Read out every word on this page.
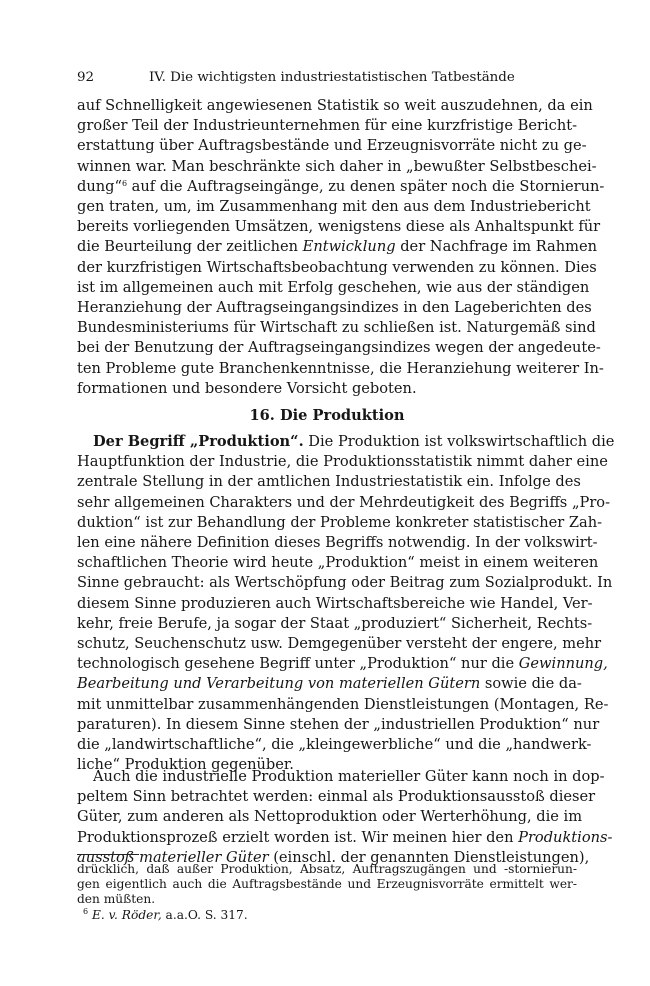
92	IV. Die wichtigsten industriestatistischen Tatbestände
auf Schnelligkeit angewiesenen Statistik so weit auszudehnen, da ein
großer Teil der Industrieunternehmen für eine kurzfristige Bericht-
erstattung über Auftragsbestände und Erzeugnisvorräte nicht zu ge-
winnen war. Man beschränkte sich daher in „bewußter Selbstbeschei-
dung“$^6$ auf die Auftragseingänge, zu denen später noch die Stornierun-
gen traten, um, im Zusammenhang mit den aus dem Industriebericht
bereits vorliegenden Umsätzen, wenigstens diese als Anhaltspunkt für
die Beurteilung der zeitlichen Entwicklung der Nachfrage im Rahmen
der kurzfristigen Wirtschaftsbeobachtung verwenden zu können. Dies
ist im allgemeinen auch mit Erfolg geschehen, wie aus der ständigen
Heranziehung der Auftragseingangsindizes in den Lageberichten des
Bundesministeriums für Wirtschaft zu schließen ist. Naturgemäß sind
bei der Benutzung der Auftragseingangsindizes wegen der angedeute-
ten Probleme gute Branchenkenntnisse, die Heranziehung weiterer In-
formationen und besondere Vorsicht geboten.
16. Die Produktion
Der Begriff „Produktion“. Die Produktion ist volkswirtschaftlich die
Hauptfunktion der Industrie, die Produktionsstatistik nimmt daher eine
zentrale Stellung in der amtlichen Industriestatistik ein. Infolge des
sehr allgemeinen Charakters und der Mehrdeutigkeit des Begriffs „Pro-
duktion“ ist zur Behandlung der Probleme konkreter statistischer Zah-
len eine nähere Definition dieses Begriffs notwendig. In der volkswirt-
schaftlichen Theorie wird heute „Produktion“ meist in einem weiteren
Sinne gebraucht: als Wertschöpfung oder Beitrag zum Sozialprodukt. In
diesem Sinne produzieren auch Wirtschaftsbereiche wie Handel, Ver-
kehr, freie Berufe, ja sogar der Staat „produziert“ Sicherheit, Rechts-
schutz, Seuchenschutz usw. Demgegenüber versteht der engere, mehr
technologisch gesehene Begriff unter „Produktion“ nur die Gewinnung,
Bearbeitung und Verarbeitung von materiellen Gütern sowie die da-
mit unmittelbar zusammenhängenden Dienstleistungen (Montagen, Re-
paraturen). In diesem Sinne stehen der „industriellen Produktion“ nur
die „landwirtschaftliche“, die „kleingewerbliche“ und die „handwerk-
liche“ Produktion gegenüber.
Auch die industrielle Produktion materieller Güter kann noch in dop-
peltem Sinn betrachtet werden: einmal als Produktionsausstoß dieser
Güter, zum anderen als Nettoproduktion oder Werterhöhung, die im
Produktionsprozeß erzielt worden ist. Wir meinen hier den Produktions-
ausstoß materieller Güter (einschl. der genannten Dienstleistungen),
drücklich, daß außer Produktion, Absatz, Auftragszugängen und -stornierun-
gen eigentlich auch die Auftragsbestände und Erzeugnisvorräte ermittelt wer-
den müßten.
$^6$ E. v. Röder, a.a.O. S. 317.
